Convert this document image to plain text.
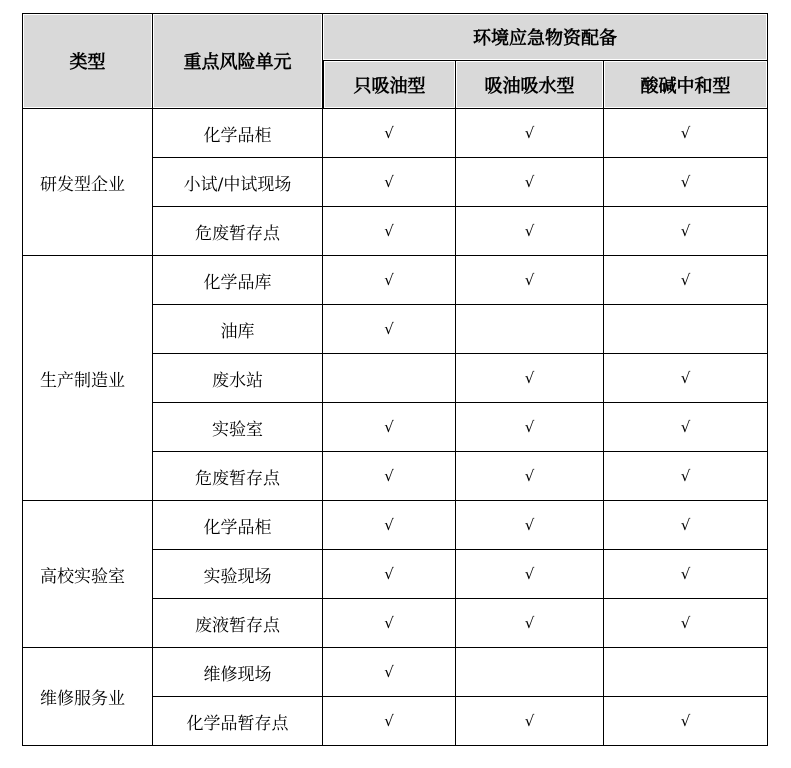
类型	重点风险单元	环境应急物资配备		
		只吸油型	吸油吸水型	酸碱中和型
研发型企业	化学品柜	√	√	√
	小试/中试现场	√	√	√
	危废暂存点	√	√	√
生产制造业	化学品库	√	√	√
	油库	√		
	废水站		√	√
	实验室	√	√	√
	危废暂存点	√	√	√
高校实验室	化学品柜	√	√	√
	实验现场	√	√	√
	废液暂存点	√	√	√
维修服务业	维修现场	√		
	化学品暂存点	√	√	√
